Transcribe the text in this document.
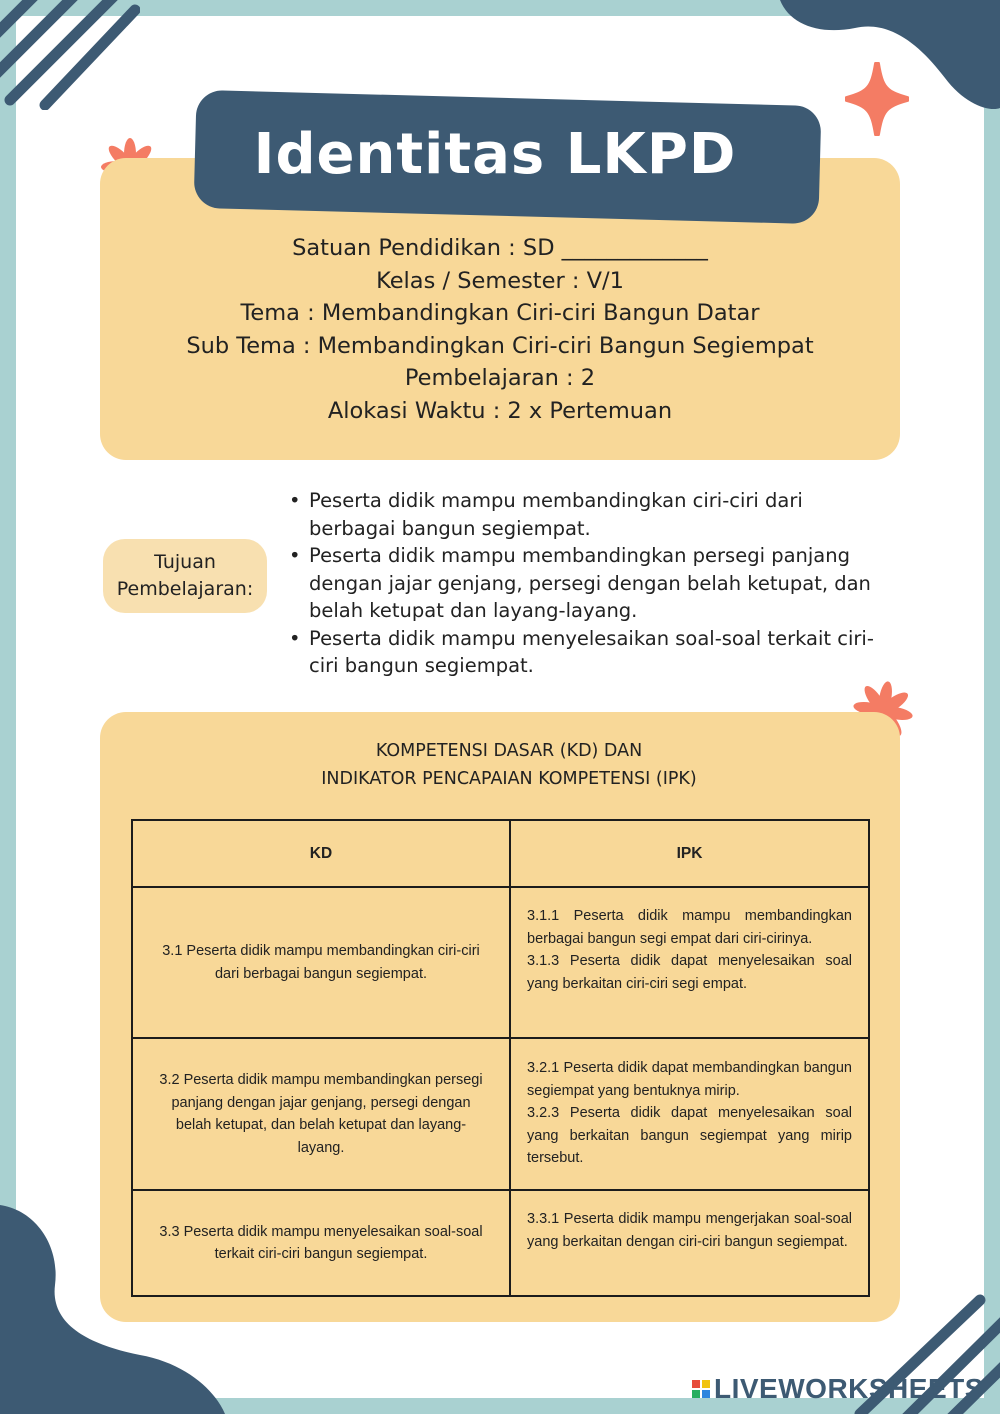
Identitas LKPD
Satuan Pendidikan : SD _____________
Kelas / Semester : V/1
Tema : Membandingkan Ciri-ciri Bangun Datar
Sub Tema : Membandingkan Ciri-ciri Bangun Segiempat
Pembelajaran : 2
Alokasi Waktu : 2 x Pertemuan
Tujuan
Pembelajaran:
• Peserta didik mampu membandingkan ciri-ciri dari berbagai bangun segiempat.
• Peserta didik mampu membandingkan persegi panjang dengan jajar genjang, persegi dengan belah ketupat, dan belah ketupat dan layang-layang.
• Peserta didik mampu menyelesaikan soal-soal terkait ciri-ciri bangun segiempat.
KOMPETENSI DASAR (KD) DAN
INDIKATOR PENCAPAIAN KOMPETENSI (IPK)
KD	IPK
3.1 Peserta didik mampu membandingkan ciri-ciri dari berbagai bangun segiempat.	3.1.1 Peserta didik mampu membandingkan berbagai bangun segi empat dari ciri-cirinya.
3.1.3 Peserta didik dapat menyelesaikan soal yang berkaitan ciri-ciri segi empat.

3.2 Peserta didik mampu membandingkan persegi panjang dengan jajar genjang, persegi dengan belah ketupat, dan belah ketupat dan layang-layang.	3.2.1 Peserta didik dapat membandingkan bangun segiempat yang bentuknya mirip.
3.2.3 Peserta didik dapat menyelesaikan soal yang berkaitan bangun segiempat yang mirip tersebut.

3.3 Peserta didik mampu menyelesaikan soal-soal terkait ciri-ciri bangun segiempat.	3.3.1 Peserta didik mampu mengerjakan soal-soal yang berkaitan dengan ciri-ciri bangun segiempat.
LIVEWORKSHEETS
